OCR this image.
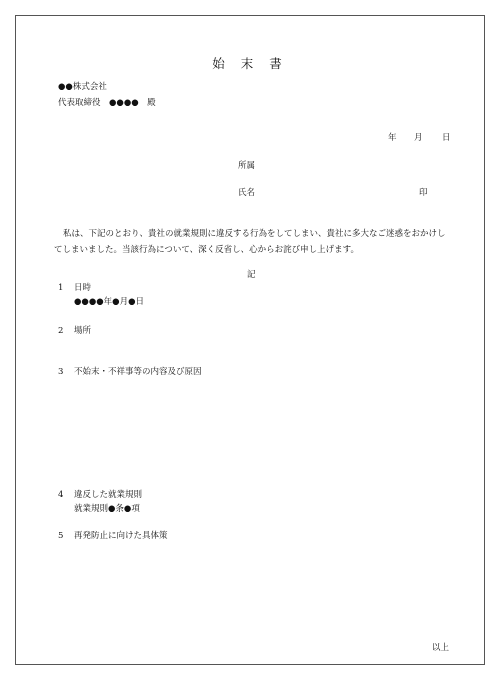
始 末 書
●●株式会社
代表取締役　●●●●　殿
年 月 日
所属
氏名	印
私は、下記のとおり、貴社の就業規則に違反する行為をしてしまい、貴社に多大なご迷惑をおかけしてしまいました。当該行為について、深く反省し、心からお詫び申し上げます。
記
1 日時
●●●●年●月●日
2 場所
3 不始末・不祥事等の内容及び原因
4 違反した就業規則
就業規則●条●項
5 再発防止に向けた具体策
以上
